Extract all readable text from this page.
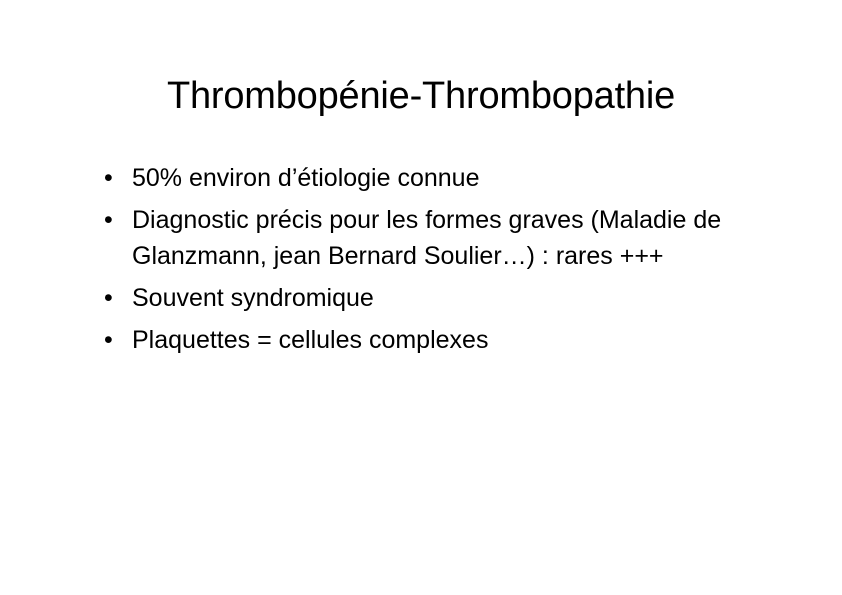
Thrombopénie-Thrombopathie
• 50% environ d’étiologie connue
• Diagnostic précis pour les formes graves (Maladie de Glanzmann, jean Bernard Soulier…) : rares +++
• Souvent syndromique
• Plaquettes = cellules complexes
